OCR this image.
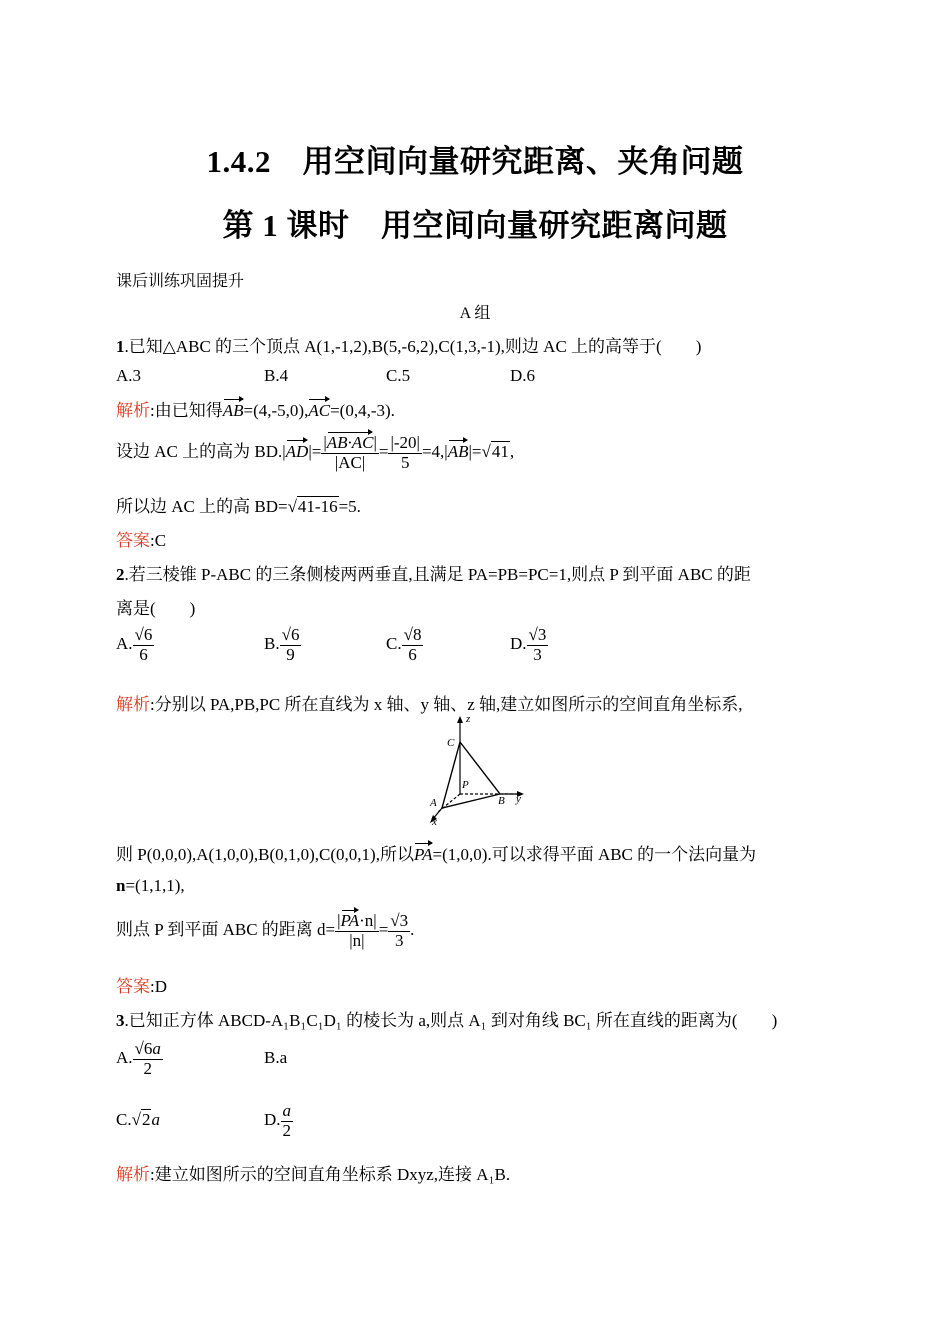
1.4.2　用空间向量研究距离、夹角问题
第 1 课时　用空间向量研究距离问题
课后训练巩固提升
A 组
1.已知△ABC 的三个顶点 A(1,-1,2),B(5,-6,2),C(1,3,-1),则边 AC 上的高等于(　　)
A.3	B.4	C.5	D.6
解析:由已知得AB=(4,-5,0),AC=(0,4,-3).
设边 AC 上的高为 $BD.|AD|= \frac{|AB\cdot AC|}{|AC|} = \frac{|-20|}{5} =4,|AB|=√41$,
所以边 AC 上的高 BD=√41-16=5.
答案:C
2.若三棱锥 P-ABC 的三条侧棱两两垂直,且满足 PA=PB=PC=1,则点 P 到平面 ABC 的距
离是(　　)
A. $\frac{√6}{6}$	B. $\frac{√6}{9}$	C. $\frac{√8}{6}$	D. $\frac{√3}{3}$
解析:分别以 PA,PB,PC 所在直线为 x 轴、y 轴、z 轴,建立如图所示的空间直角坐标系,
z
C
P
A	B y
x
则 P(0,0,0),A(1,0,0),B(0,1,0),C(0,0,1),所以PA=(1,0,0).可以求得平面 ABC 的一个法向量为
n=(1,1,1),
则点 P 到平面 ABC 的距离 $d= \frac{|PA\cdot n|}{|n|} = \frac{√3}{3}$ .
答案:D
3.已知正方体 ABCD-A₁B₁C₁D₁ 的棱长为 a,则点 A₁ 到对角线 BC₁ 所在直线的距离为(　　)
A. $\frac{√6a}{2}$	B.a
C.√2a	D. $\frac{a}{2}$
解析:建立如图所示的空间直角坐标系 Dxyz,连接 A₁B.
